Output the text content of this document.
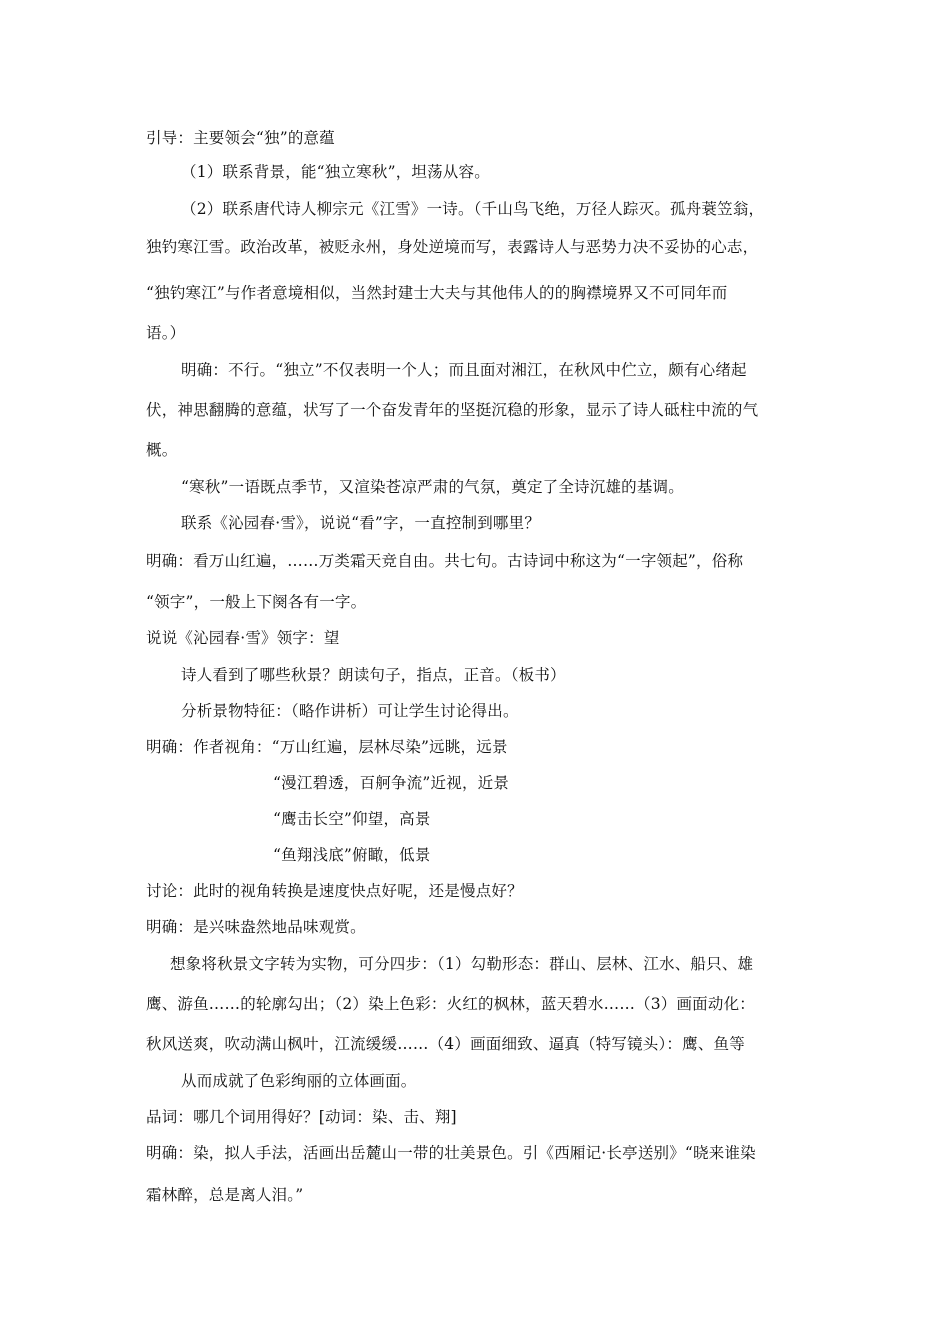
引导：主要领会“独”的意蕴
（1）联系背景，能“独立寒秋”，坦荡从容。
（2）联系唐代诗人柳宗元《江雪》一诗。（千山鸟飞绝，万径人踪灭。孤舟蓑笠翁，
独钓寒江雪。政治改革，被贬永州，身处逆境而写，表露诗人与恶势力决不妥协的心志，
“独钓寒江”与作者意境相似，当然封建士大夫与其他伟人的的胸襟境界又不可同年而
语。）
明确：不行。“独立”不仅表明一个人；而且面对湘江，在秋风中伫立，颇有心绪起
伏，神思翻腾的意蕴，状写了一个奋发青年的坚挺沉稳的形象，显示了诗人砥柱中流的气
概。
“寒秋”一语既点季节，又渲染苍凉严肃的气氛，奠定了全诗沉雄的基调。
联系《沁园春·雪》，说说“看”字，一直控制到哪里？
明确：看万山红遍，……万类霜天竞自由。共七句。古诗词中称这为“一字领起”，俗称
“领字”，一般上下阕各有一字。
说说《沁园春·雪》领字：望
诗人看到了哪些秋景？朗读句子，指点，正音。（板书）
分析景物特征：（略作讲析）可让学生讨论得出。
明确：作者视角：“万山红遍，层林尽染”远眺，远景
“漫江碧透，百舸争流”近视，近景
“鹰击长空”仰望，高景
“鱼翔浅底”俯瞰，低景
讨论：此时的视角转换是速度快点好呢，还是慢点好？
明确：是兴味盎然地品味观赏。
想象将秋景文字转为实物，可分四步：（1）勾勒形态：群山、层林、江水、船只、雄
鹰、游鱼……的轮廓勾出；（2）染上色彩：火红的枫林，蓝天碧水……（3）画面动化：
秋风送爽，吹动满山枫叶，江流缓缓……（4）画面细致、逼真（特写镜头）：鹰、鱼等
从而成就了色彩绚丽的立体画面。
品词：哪几个词用得好？[动词：染、击、翔]
明确：染，拟人手法，活画出岳麓山一带的壮美景色。引《西厢记·长亭送别》“晓来谁染
霜林醉，总是离人泪。”
